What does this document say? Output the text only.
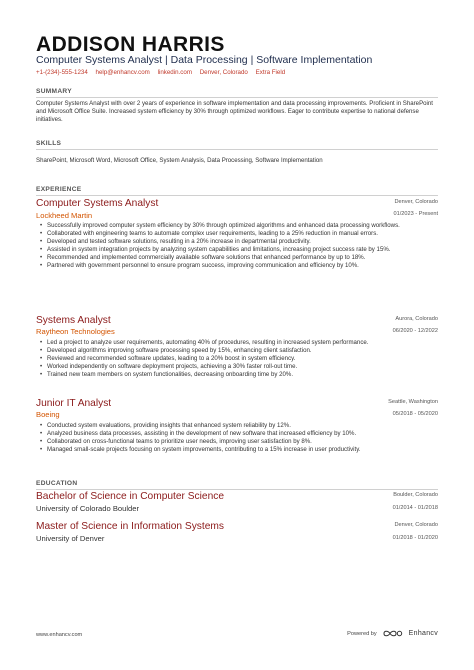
ADDISON HARRIS
Computer Systems Analyst | Data Processing | Software Implementation
+1-(234)-555-1234 help@enhancv.com linkedin.com Denver, Colorado Extra Field
SUMMARY
Computer Systems Analyst with over 2 years of experience in software implementation and data processing improvements. Proficient in SharePoint and Microsoft Office Suite. Increased system efficiency by 30% through optimized workflows. Eager to contribute expertise to national defense initiatives.
SKILLS
SharePoint, Microsoft Word, Microsoft Office, System Analysis, Data Processing, Software Implementation
EXPERIENCE
Computer Systems Analyst	Denver, Colorado
Lockheed Martin	01/2023 - Present
• Successfully improved computer system efficiency by 30% through optimized algorithms and enhanced data processing workflows.
• Collaborated with engineering teams to automate complex user requirements, leading to a 25% reduction in manual errors.
• Developed and tested software solutions, resulting in a 20% increase in departmental productivity.
• Assisted in system integration projects by analyzing system capabilities and limitations, increasing project success rate by 15%.
• Recommended and implemented commercially available software solutions that enhanced performance by up to 18%.
• Partnered with government personnel to ensure program success, improving communication and efficiency by 10%.
Systems Analyst	Aurora, Colorado
Raytheon Technologies	06/2020 - 12/2022
• Led a project to analyze user requirements, automating 40% of procedures, resulting in increased system performance.
• Developed algorithms improving software processing speed by 15%, enhancing client satisfaction.
• Reviewed and recommended software updates, leading to a 20% boost in system efficiency.
• Worked independently on software deployment projects, achieving a 30% faster roll-out time.
• Trained new team members on system functionalities, decreasing onboarding time by 20%.
Junior IT Analyst	Seattle, Washington
Boeing	05/2018 - 05/2020
• Conducted system evaluations, providing insights that enhanced system reliability by 12%.
• Analyzed business data processes, assisting in the development of new software that increased efficiency by 10%.
• Collaborated on cross-functional teams to prioritize user needs, improving user satisfaction by 8%.
• Managed small-scale projects focusing on system improvements, contributing to a 15% increase in user productivity.
EDUCATION
Bachelor of Science in Computer Science	Boulder, Colorado
University of Colorado Boulder	01/2014 - 01/2018
Master of Science in Information Systems	Denver, Colorado
University of Denver	01/2018 - 01/2020
www.enhancv.com	Powered by	Enhancv
